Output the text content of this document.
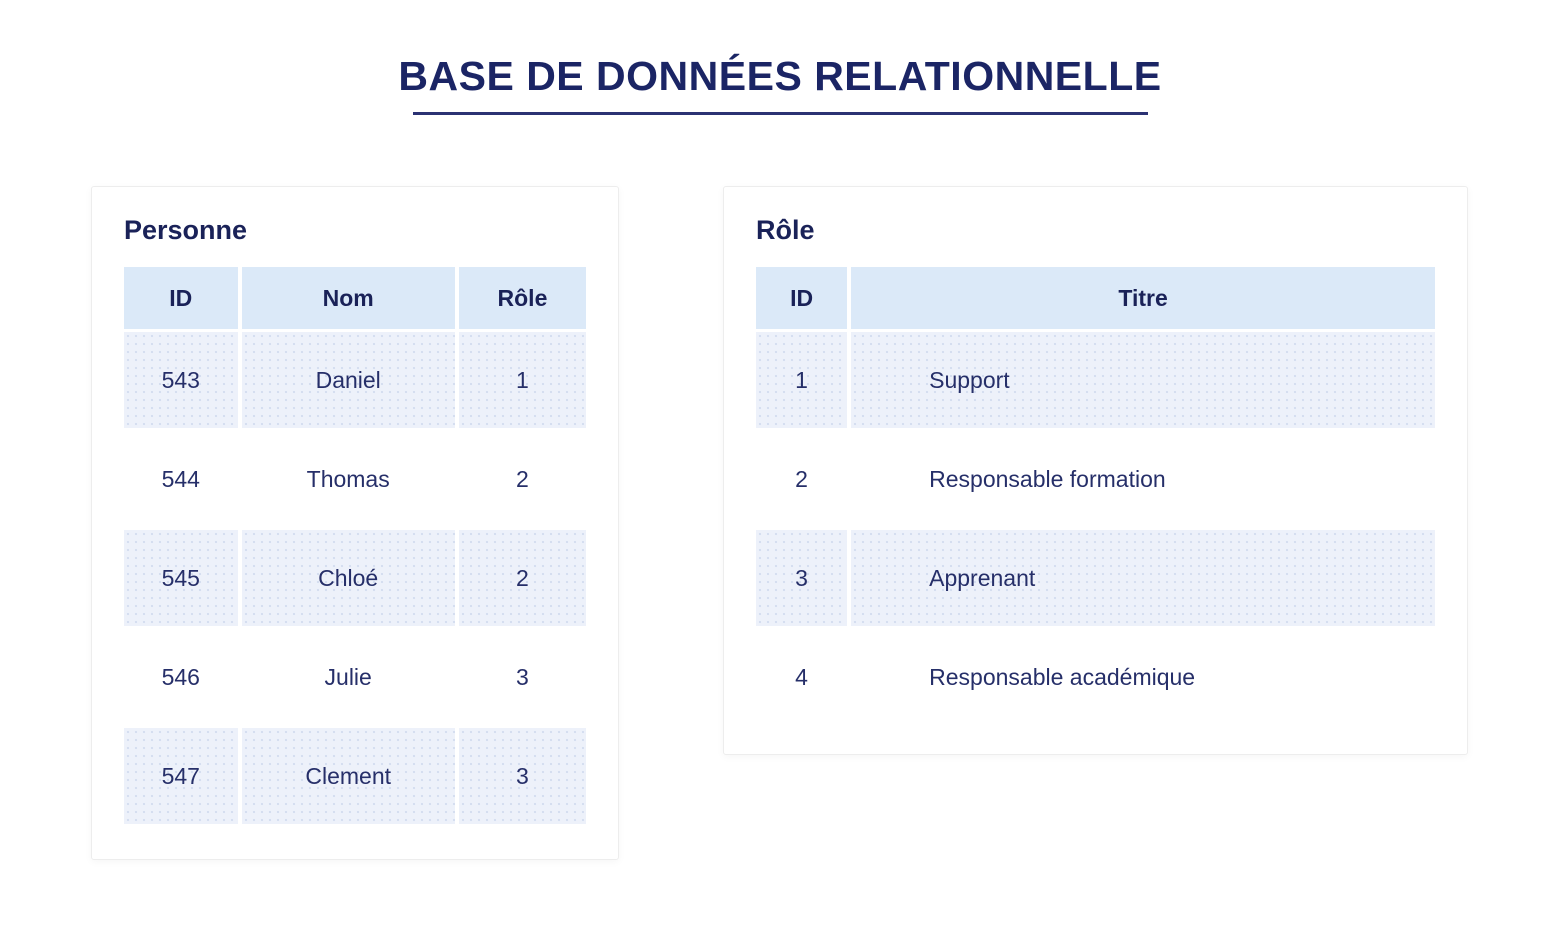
BASE DE DONNÉES RELATIONNELLE
Personne
ID	Nom	Rôle
543	Daniel	1
544	Thomas	2
545	Chloé	2
546	Julie	3
547	Clement	3
Rôle
ID	Titre
1	Support
2	Responsable formation
3	Apprenant
4	Responsable académique
